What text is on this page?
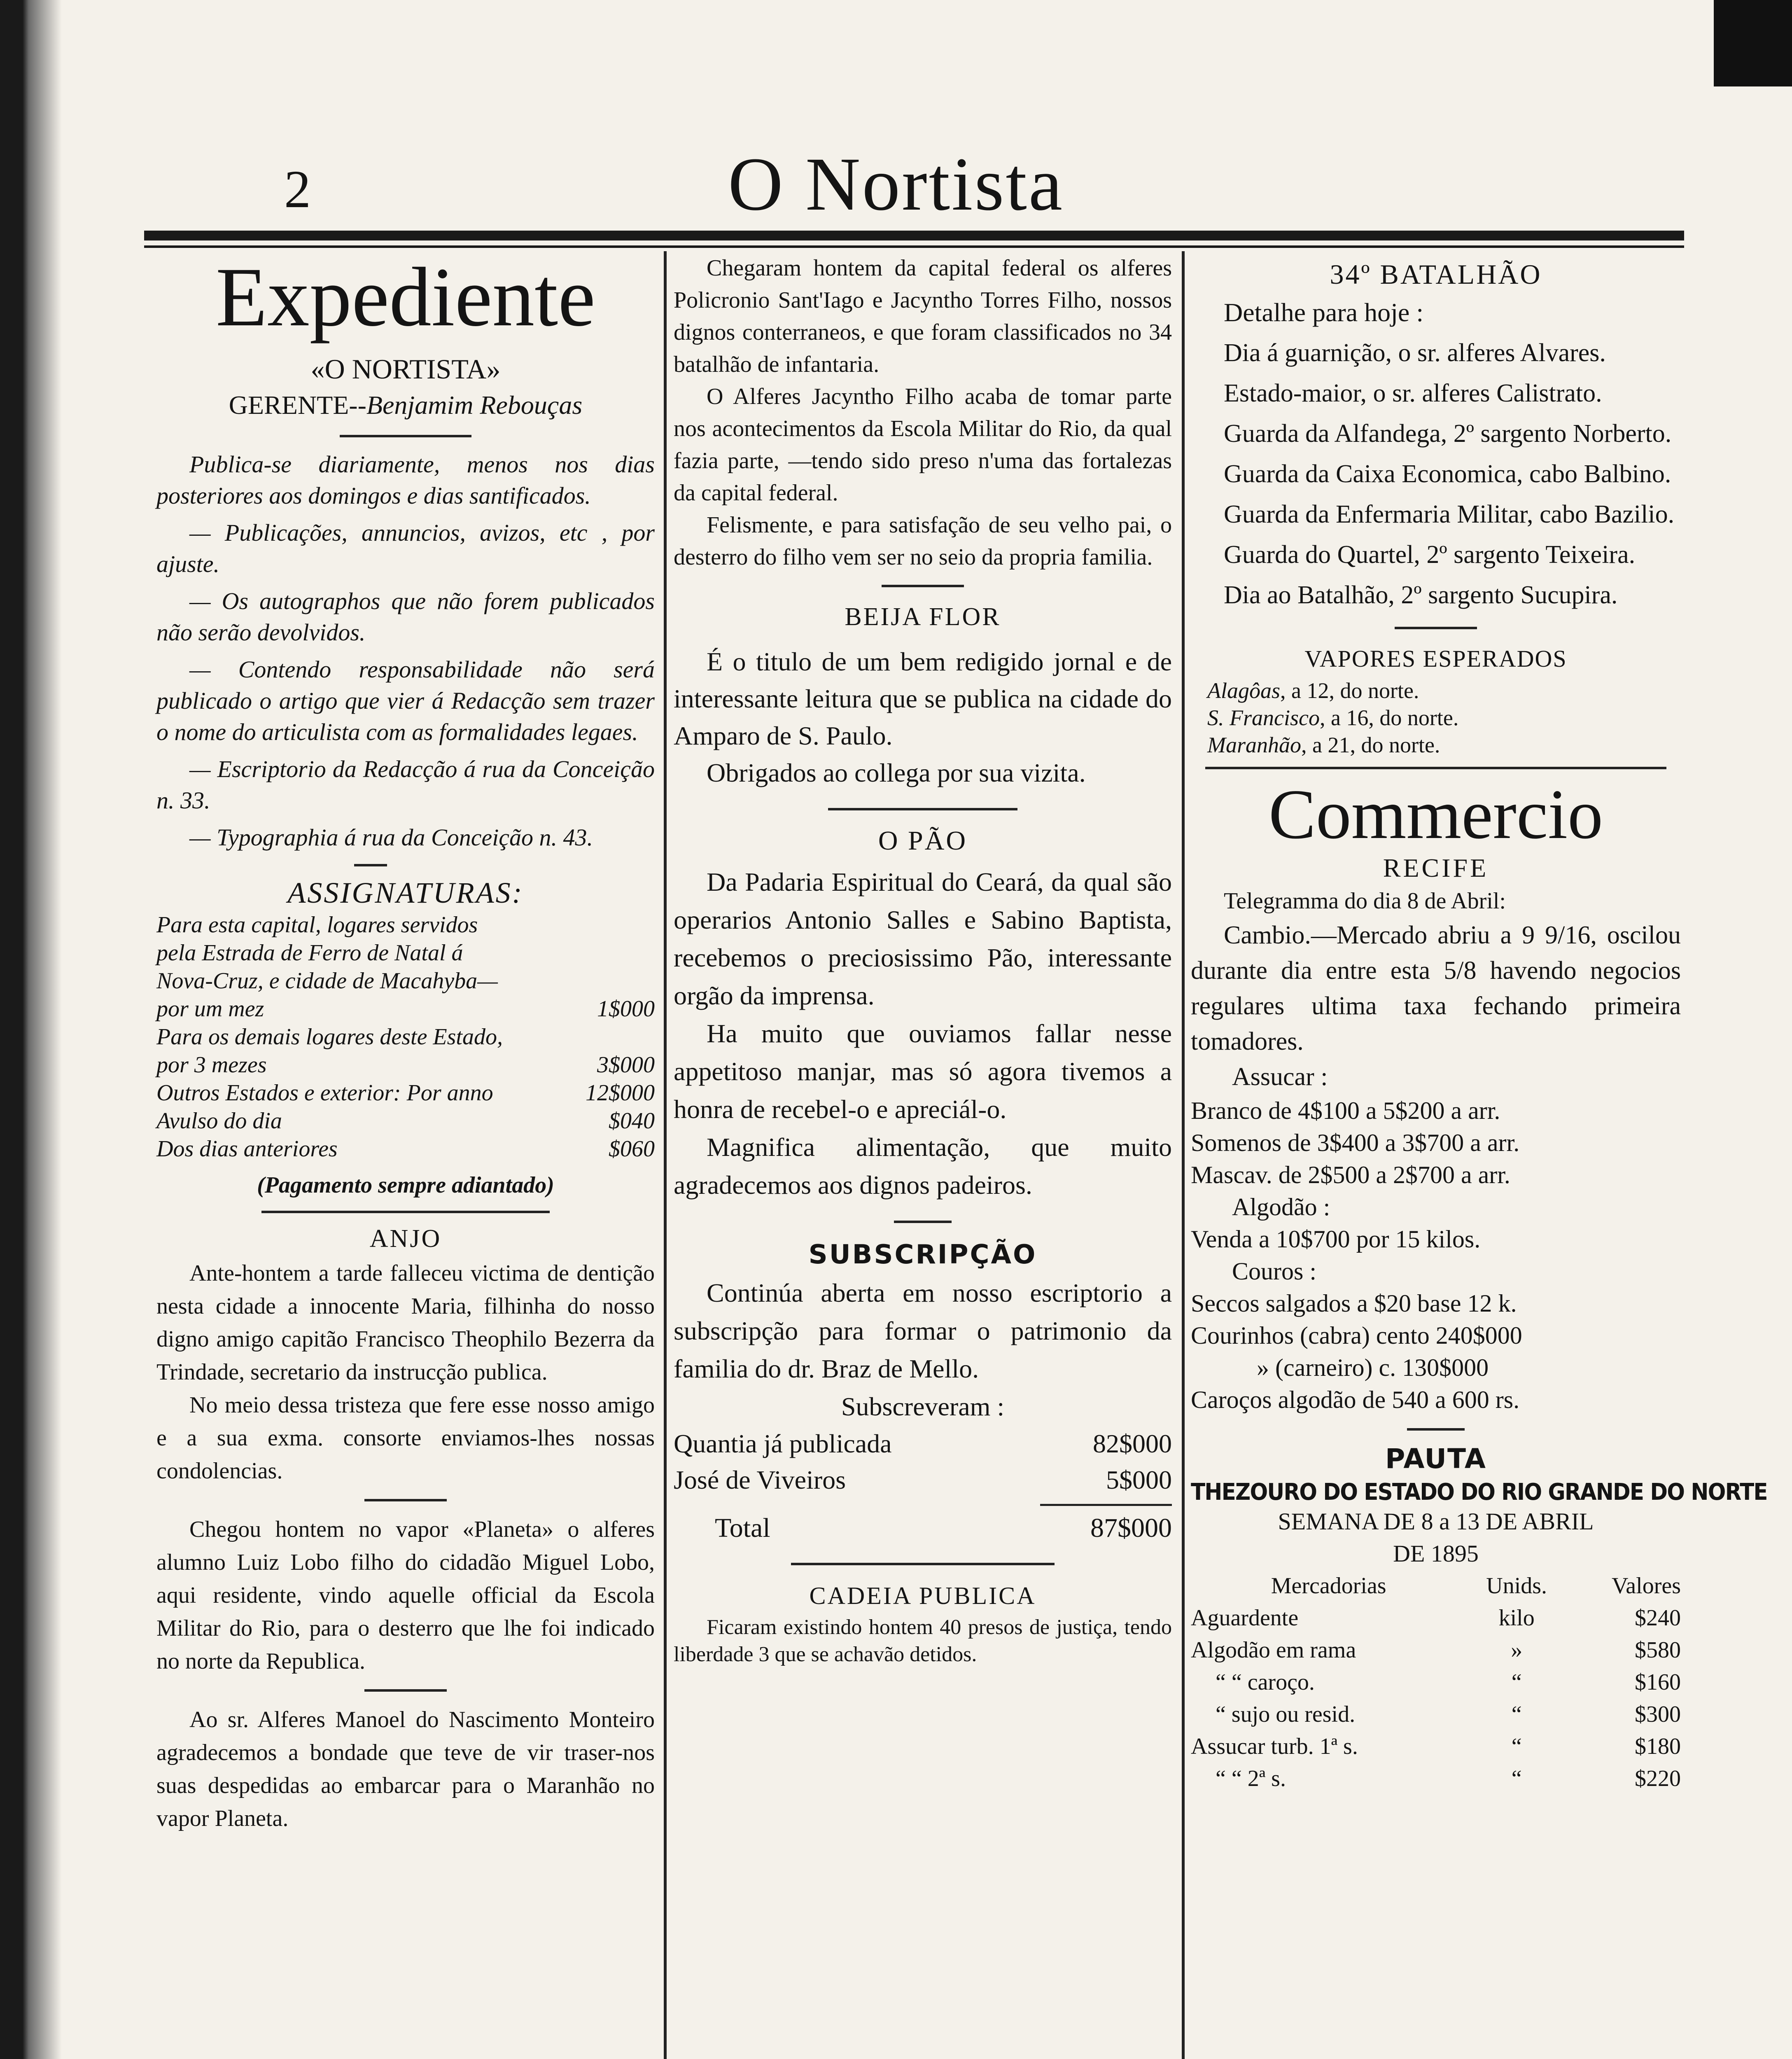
2	O Nortista
Expediente
«O NORTISTA»
GERENTE--Benjamim Rebouças
Publica-se diariamente, menos nos dias posteriores aos domingos e dias santificados.
— Publicações, annuncios, avizos, etc , por ajuste.
— Os autographos que não forem publicados não serão devolvidos.
— Contendo responsabilidade não será publicado o artigo que vier á Redacção sem trazer o nome do articulista com as formalidades legaes.
— Escriptorio da Redacção á rua da Conceição n. 33.
— Typographia á rua da Conceição n. 43.
ASSIGNATURAS:
Para esta capital, logares servidos pela Estrada de Ferro de Natal á Nova-Cruz, e cidade de Macahyba—por um mez	1$000
Para os demais logares deste Estado, por 3 mezes	3$000
Outros Estados e exterior: Por anno	12$000
Avulso do dia	$040
Dos dias anteriores	$060
(Pagamento sempre adiantado)
ANJO
Ante-hontem a tarde falleceu victima de dentição nesta cidade a innocente Maria, filhinha do nosso digno amigo capitão Francisco Theophilo Bezerra da Trindade, secretario da instrucção publica.
No meio dessa tristeza que fere esse nosso amigo e a sua exma. consorte enviamos-lhes nossas condolencias.
Chegou hontem no vapor «Planeta» o alferes alumno Luiz Lobo filho do cidadão Miguel Lobo, aqui residente, vindo aquelle official da Escola Militar do Rio, para o desterro que lhe foi indicado no norte da Republica.
Ao sr. Alferes Manoel do Nascimento Monteiro agradecemos a bondade que teve de vir traser-nos suas despedidas ao embarcar para o Maranhão no vapor Planeta.
Chegaram hontem da capital federal os alferes Policronio Sant'Iago e Jacyntho Torres Filho, nossos dignos conterraneos, e que foram classificados no 34 batalhão de infantaria.
O Alferes Jacyntho Filho acaba de tomar parte nos acontecimentos da Escola Militar do Rio, da qual fazia parte, —tendo sido preso n'uma das fortalezas da capital federal.
Felismente, e para satisfação de seu velho pai, o desterro do filho vem ser no seio da propria familia.
BEIJA FLOR
É o titulo de um bem redigido jornal e de interessante leitura que se publica na cidade do Amparo de S. Paulo.
Obrigados ao collega por sua vizita.
O PÃO
Da Padaria Espiritual do Ceará, da qual são operarios Antonio Salles e Sabino Baptista, recebemos o preciosissimo Pão, interessante orgão da imprensa.
Ha muito que ouviamos fallar nesse appetitoso manjar, mas só agora tivemos a honra de recebel-o e apreciál-o.
Magnifica alimentação, que muito agradecemos aos dignos padeiros.
SUBSCRIPÇÃO
Continúa aberta em nosso escriptorio a subscripção para formar o patrimonio da familia do dr. Braz de Mello.
Subscreveram :
Quantia já publicada	82$000
José de Viveiros	5$000
Total	87$000
CADEIA PUBLICA
Ficaram existindo hontem 40 presos de justiça, tendo liberdade 3 que se achavão detidos.
34º BATALHÃO
Detalhe para hoje :
Dia á guarnição, o sr. alferes Alvares.
Estado-maior, o sr. alferes Calistrato.
Guarda da Alfandega, 2º sargento Norberto.
Guarda da Caixa Economica, cabo Balbino.
Guarda da Enfermaria Militar, cabo Bazilio.
Guarda do Quartel, 2º sargento Teixeira.
Dia ao Batalhão, 2º sargento Sucupira.
VAPORES ESPERADOS
Alagôas, a 12, do norte.
S. Francisco, a 16, do norte.
Maranhão, a 21, do norte.
Commercio
RECIFE
Telegramma do dia 8 de Abril:
Cambio.—Mercado abriu a 9 9/16, oscilou durante dia entre esta 5/8 havendo negocios regulares ultima taxa fechando primeira tomadores.
Assucar :
Branco de 4$100 a 5$200 a arr.
Somenos de 3$400 a 3$700 a arr.
Mascav. de 2$500 a 2$700 a arr.
Algodão :
Venda a 10$700 por 15 kilos.
Couros :
Seccos salgados a $20 base 12 k.
Courinhos (cabra) cento 240$000
» (carneiro) c. 130$000
Caroços algodão de 540 a 600 rs.
PAUTA
THEZOURO DO ESTADO DO RIO GRANDE DO NORTE
SEMANA DE 8 a 13 DE ABRIL
DE 1895
Mercadorias	Unids.	Valores
Aguardente	kilo	$240
Algodão em rama	»	$580
“ “ caroço.	“	$160
“ sujo ou resid.	“	$300
Assucar turb. 1ª s.	“	$180
“ “ 2ª s.	“	$220
